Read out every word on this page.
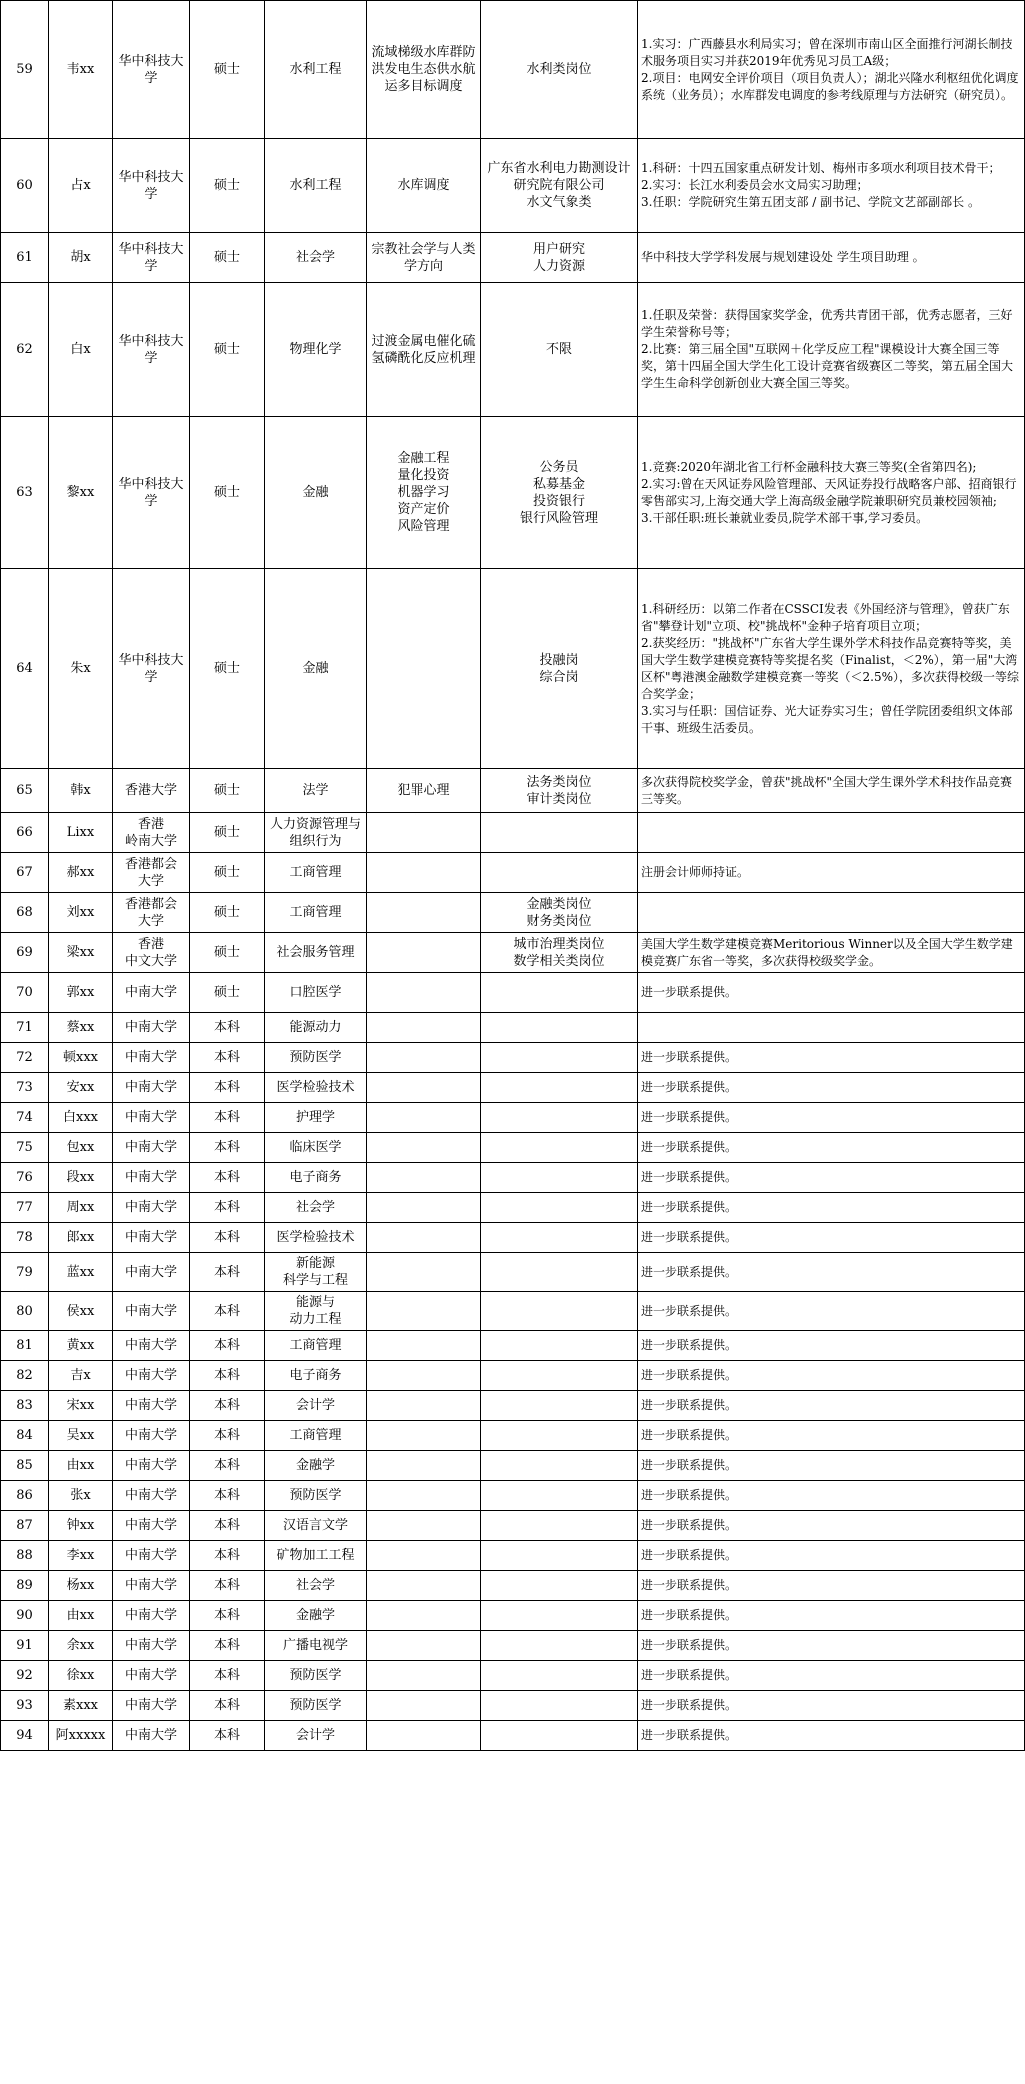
59	韦xx	华中科技大学	硕士	水利工程	流域梯级水库群防洪发电生态供水航运多目标调度	水利类岗位	1.实习：广西藤县水利局实习；曾在深圳市南山区全面推行河湖长制技术服务项目实习并获2019年优秀见习员工A级；
2.项目：电网安全评价项目（项目负责人）；湖北兴隆水利枢纽优化调度系统（业务员）；水库群发电调度的参考线原理与方法研究（研究员）。
60	占x	华中科技大学	硕士	水利工程	水库调度	广东省水利电力勘测设计研究院有限公司
水文气象类	1.科研：十四五国家重点研发计划、梅州市多项水利项目技术骨干；
2.实习：长江水利委员会水文局实习助理；
3.任职：学院研究生第五团支部 / 副书记、学院文艺部副部长 。
61	胡x	华中科技大学	硕士	社会学	宗教社会学与人类学方向	用户研究
人力资源	华中科技大学学科发展与规划建设处 学生项目助理 。
62	白x	华中科技大学	硕士	物理化学	过渡金属电催化硫氢磷酰化反应机理	不限	1.任职及荣誉：获得国家奖学金，优秀共青团干部，优秀志愿者，三好学生荣誉称号等；
2.比赛：第三届全国"互联网＋化学反应工程"课模设计大赛全国三等奖，第十四届全国大学生化工设计竞赛省级赛区二等奖，第五届全国大学生生命科学创新创业大赛全国三等奖。
63	黎xx	华中科技大学	硕士	金融	金融工程
量化投资
机器学习
资产定价
风险管理	公务员
私募基金
投资银行
银行风险管理	1.竞赛:2020年湖北省工行杯金融科技大赛三等奖(全省第四名);
2.实习:曾在天风证券风险管理部、天风证券投行战略客户部、招商银行零售部实习,上海交通大学上海高级金融学院兼职研究员兼校园领袖;
3.干部任职:班长兼就业委员,院学术部干事,学习委员。
64	朱x	华中科技大学	硕士	金融		投融岗
综合岗	1.科研经历：以第二作者在CSSCI发表《外国经济与管理》，曾获广东省"攀登计划"立项、校"挑战杯"金种子培育项目立项；
2.获奖经历："挑战杯"广东省大学生课外学术科技作品竞赛特等奖，美国大学生数学建模竞赛特等奖提名奖（Finalist，＜2%），第一届"大湾区杯"粤港澳金融数学建模竞赛一等奖（＜2.5%），多次获得校级一等综合奖学金；
3.实习与任职：国信证券、光大证券实习生；曾任学院团委组织文体部干事、班级生活委员。
65	韩x	香港大学	硕士	法学	犯罪心理	法务类岗位
审计类岗位	多次获得院校奖学金，曾获"挑战杯"全国大学生课外学术科技作品竞赛三等奖。
66	Lixx	香港
岭南大学	硕士	人力资源管理与组织行为			
67	郝xx	香港都会
大学	硕士	工商管理			注册会计师师持证。
68	刘xx	香港都会
大学	硕士	工商管理		金融类岗位
财务类岗位	
69	梁xx	香港
中文大学	硕士	社会服务管理		城市治理类岗位
数学相关类岗位	美国大学生数学建模竞赛Meritorious Winner以及全国大学生数学建模竞赛广东省一等奖，多次获得校级奖学金。
70	郭xx	中南大学	硕士	口腔医学			进一步联系提供。
71	蔡xx	中南大学	本科	能源动力			
72	顿xxx	中南大学	本科	预防医学			进一步联系提供。
73	安xx	中南大学	本科	医学检验技术			进一步联系提供。
74	白xxx	中南大学	本科	护理学			进一步联系提供。
75	包xx	中南大学	本科	临床医学			进一步联系提供。
76	段xx	中南大学	本科	电子商务			进一步联系提供。
77	周xx	中南大学	本科	社会学			进一步联系提供。
78	郎xx	中南大学	本科	医学检验技术			进一步联系提供。
79	蓝xx	中南大学	本科	新能源
科学与工程			进一步联系提供。
80	侯xx	中南大学	本科	能源与
动力工程			进一步联系提供。
81	黄xx	中南大学	本科	工商管理			进一步联系提供。
82	吉x	中南大学	本科	电子商务			进一步联系提供。
83	宋xx	中南大学	本科	会计学			进一步联系提供。
84	吴xx	中南大学	本科	工商管理			进一步联系提供。
85	由xx	中南大学	本科	金融学			进一步联系提供。
86	张x	中南大学	本科	预防医学			进一步联系提供。
87	钟xx	中南大学	本科	汉语言文学			进一步联系提供。
88	李xx	中南大学	本科	矿物加工工程			进一步联系提供。
89	杨xx	中南大学	本科	社会学			进一步联系提供。
90	由xx	中南大学	本科	金融学			进一步联系提供。
91	余xx	中南大学	本科	广播电视学			进一步联系提供。
92	徐xx	中南大学	本科	预防医学			进一步联系提供。
93	素xxx	中南大学	本科	预防医学			进一步联系提供。
94	阿xxxxx	中南大学	本科	会计学			进一步联系提供。
